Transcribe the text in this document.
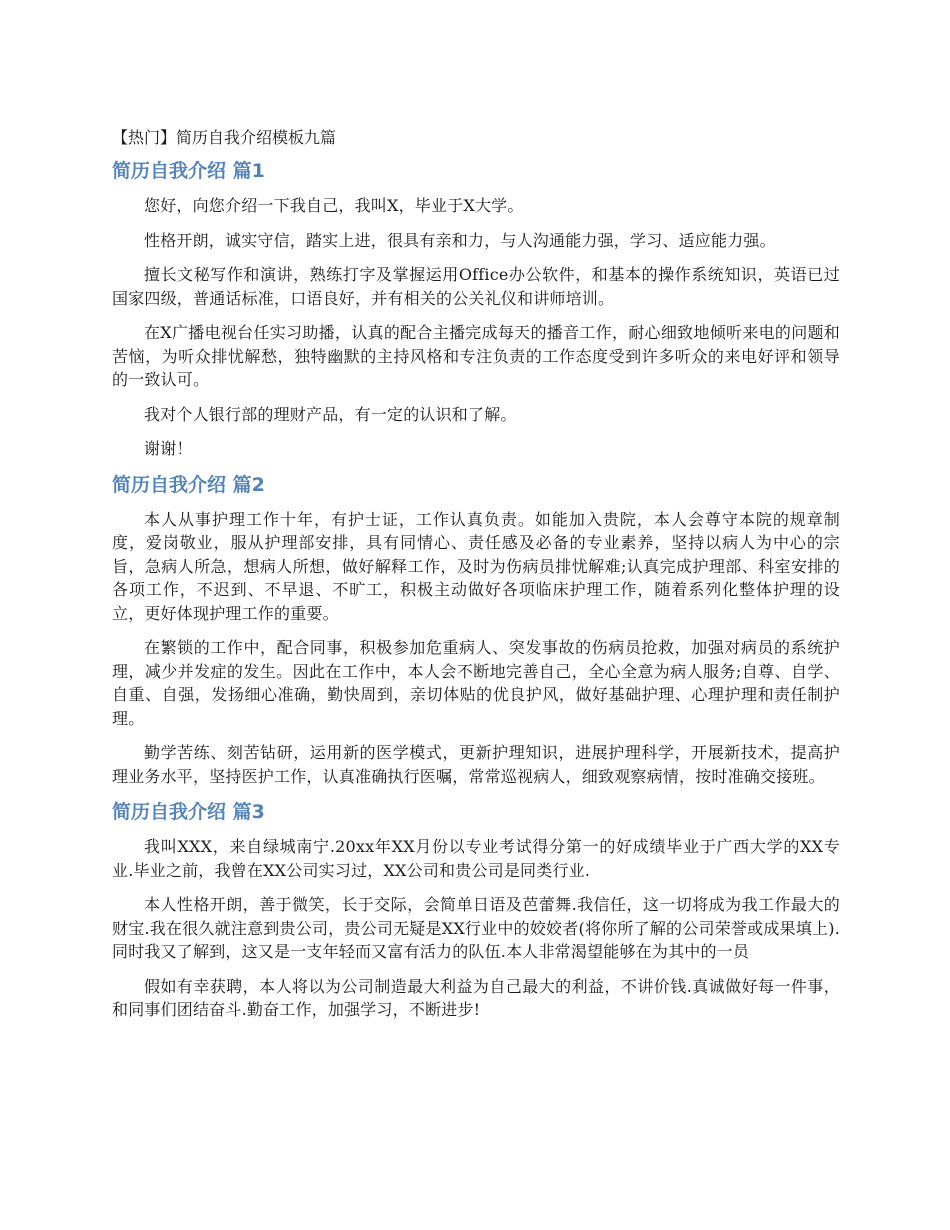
【热门】简历自我介绍模板九篇
简历自我介绍 篇1

您好，向您介绍一下我自己，我叫X，毕业于X大学。

性格开朗，诚实守信，踏实上进，很具有亲和力，与人沟通能力强，学习、适应能力强。

擅长文秘写作和演讲，熟练打字及掌握运用Office办公软件，和基本的操作系统知识，英语已过国家四级，普通话标准，口语良好，并有相关的公关礼仪和讲师培训。

在X广播电视台任实习助播，认真的配合主播完成每天的播音工作，耐心细致地倾听来电的问题和苦恼，为听众排忧解愁，独特幽默的主持风格和专注负责的工作态度受到许多听众的来电好评和领导的一致认可。

我对个人银行部的理财产品，有一定的认识和了解。

谢谢！

简历自我介绍 篇2

本人从事护理工作十年，有护士证，工作认真负责。如能加入贵院，本人会尊守本院的规章制度，爱岗敬业，服从护理部安排，具有同情心、责任感及必备的专业素养，坚持以病人为中心的宗旨，急病人所急，想病人所想，做好解释工作，及时为伤病员排忧解难;认真完成护理部、科室安排的各项工作，不迟到、不早退、不旷工，积极主动做好各项临床护理工作，随着系列化整体护理的设立，更好体现护理工作的重要。

在繁锁的工作中，配合同事，积极参加危重病人、突发事故的伤病员抢救，加强对病员的系统护理，减少并发症的发生。因此在工作中，本人会不断地完善自己，全心全意为病人服务;自尊、自学、自重、自强，发扬细心准确，勤快周到，亲切体贴的优良护风，做好基础护理、心理护理和责任制护理。

勤学苦练、刻苦钻研，运用新的医学模式，更新护理知识，进展护理科学，开展新技术，提高护理业务水平，坚持医护工作，认真准确执行医嘱，常常巡视病人，细致观察病情，按时准确交接班。

简历自我介绍 篇3

我叫XXX，来自绿城南宁.20xx年XX月份以专业考试得分第一的好成绩毕业于广西大学的XX专业.毕业之前，我曾在XX公司实习过，XX公司和贵公司是同类行业.

本人性格开朗，善于微笑，长于交际，会简单日语及芭蕾舞.我信任，这一切将成为我工作最大的财宝.我在很久就注意到贵公司，贵公司无疑是XX行业中的姣姣者(将你所了解的公司荣誉或成果填上).同时我又了解到，这又是一支年轻而又富有活力的队伍.本人非常渴望能够在为其中的一员

假如有幸获聘，本人将以为公司制造最大利益为自己最大的利益，不讲价钱.真诚做好每一件事，和同事们团结奋斗.勤奋工作，加强学习，不断进步!
